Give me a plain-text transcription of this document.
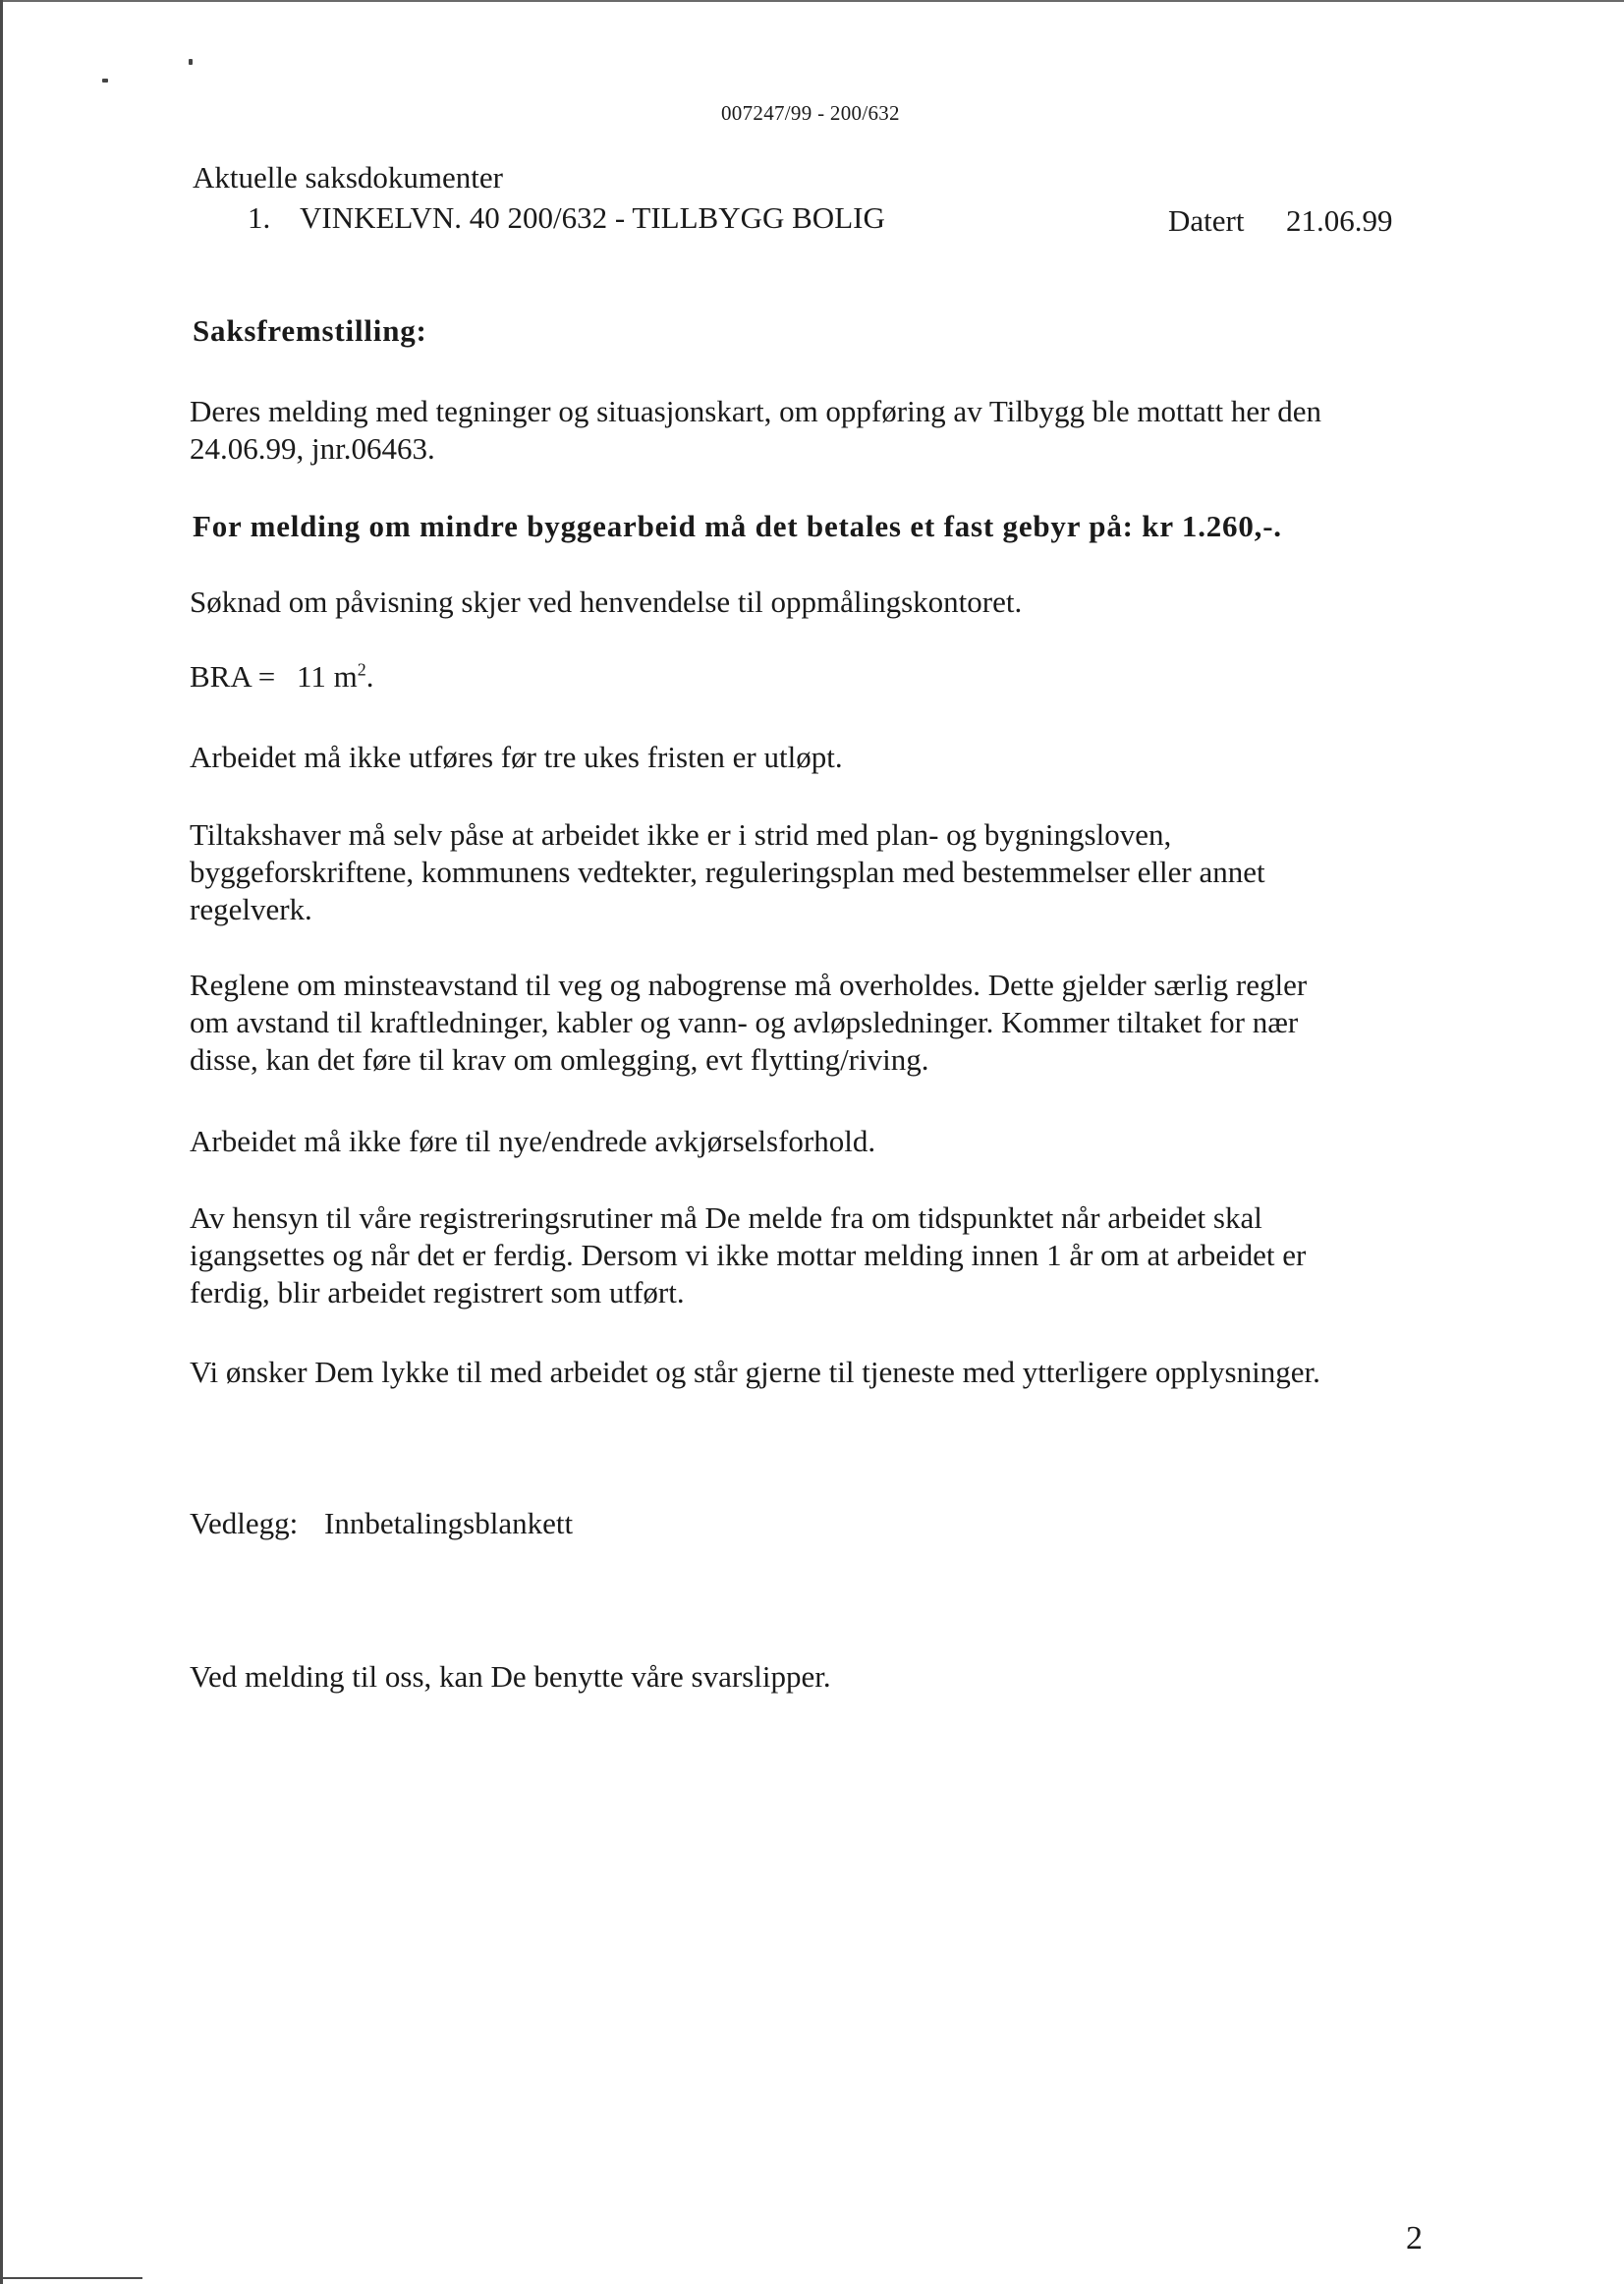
007247/99 - 200/632
Aktuelle saksdokumenter
1. VINKELVN. 40 200/632 - TILLBYGG BOLIG	Datert 21.06.99
Saksfremstilling:
Deres melding med tegninger og situasjonskart, om oppføring av Tilbygg ble mottatt her den
24.06.99, jnr.06463.
For melding om mindre byggearbeid må det betales et fast gebyr på: kr 1.260,-.
Søknad om påvisning skjer ved henvendelse til oppmålingskontoret.
BRA = 11 $m^2$.
Arbeidet må ikke utføres før tre ukes fristen er utløpt.
Tiltakshaver må selv påse at arbeidet ikke er i strid med plan- og bygningsloven,
byggeforskriftene, kommunens vedtekter, reguleringsplan med bestemmelser eller annet
regelverk.
Reglene om minsteavstand til veg og nabogrense må overholdes. Dette gjelder særlig regler
om avstand til kraftledninger, kabler og vann- og avløpsledninger. Kommer tiltaket for nær
disse, kan det føre til krav om omlegging, evt flytting/riving.
Arbeidet må ikke føre til nye/endrede avkjørselsforhold.
Av hensyn til våre registreringsrutiner må De melde fra om tidspunktet når arbeidet skal
igangsettes og når det er ferdig. Dersom vi ikke mottar melding innen 1 år om at arbeidet er
ferdig, blir arbeidet registrert som utført.
Vi ønsker Dem lykke til med arbeidet og står gjerne til tjeneste med ytterligere opplysninger.
Vedlegg: Innbetalingsblankett
Ved melding til oss, kan De benytte våre svarslipper.
2
